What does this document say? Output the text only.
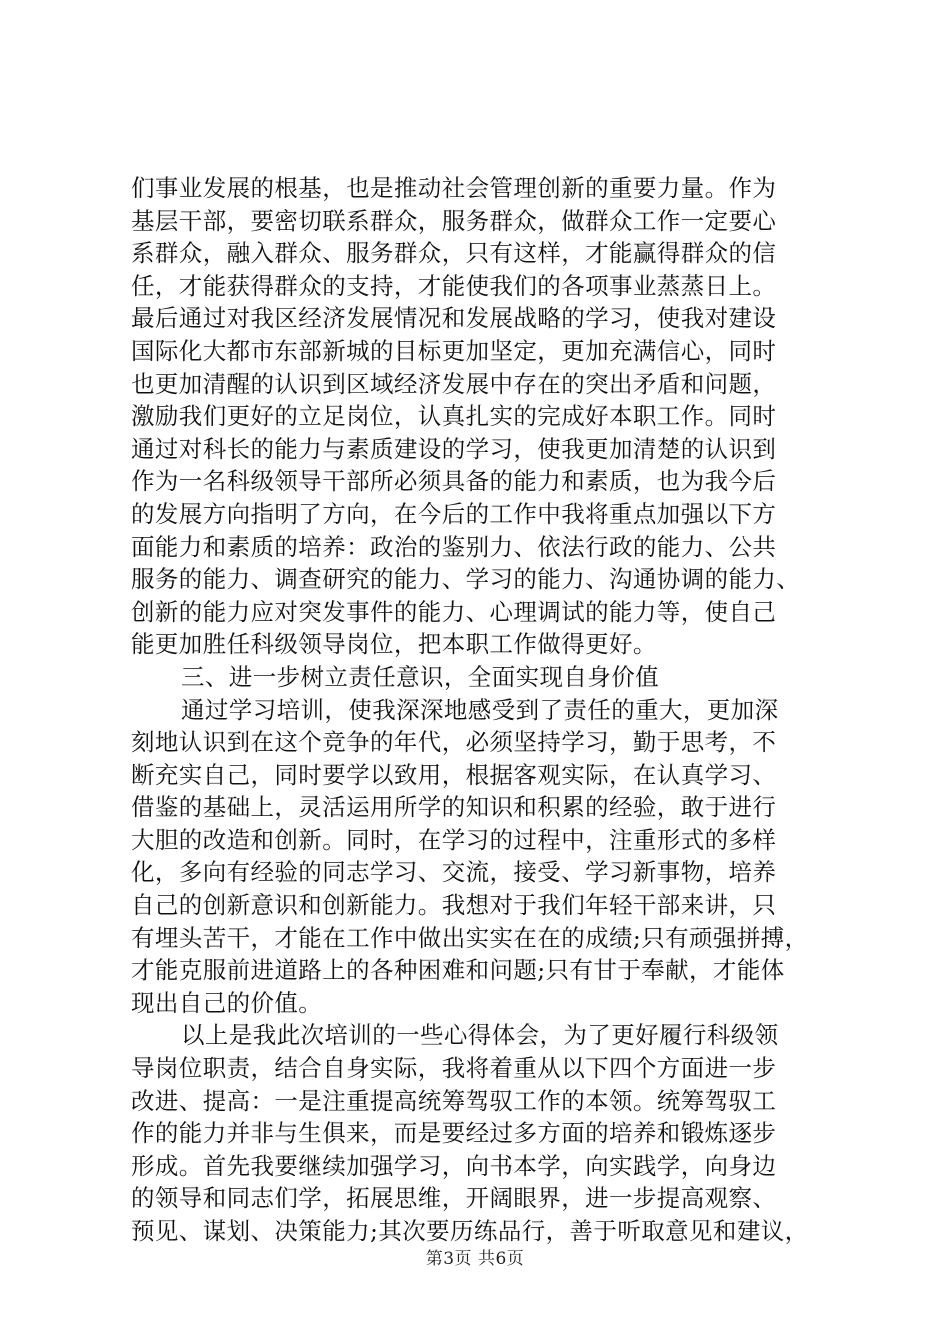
们事业发展的根基，也是推动社会管理创新的重要力量。作为
基层干部，要密切联系群众，服务群众，做群众工作一定要心
系群众，融入群众、服务群众，只有这样，才能赢得群众的信
任，才能获得群众的支持，才能使我们的各项事业蒸蒸日上。
最后通过对我区经济发展情况和发展战略的学习，使我对建设
国际化大都市东部新城的目标更加坚定，更加充满信心，同时
也更加清醒的认识到区域经济发展中存在的突出矛盾和问题，
激励我们更好的立足岗位，认真扎实的完成好本职工作。同时
通过对科长的能力与素质建设的学习，使我更加清楚的认识到
作为一名科级领导干部所必须具备的能力和素质，也为我今后
的发展方向指明了方向，在今后的工作中我将重点加强以下方
面能力和素质的培养：政治的鉴别力、依法行政的能力、公共
服务的能力、调查研究的能力、学习的能力、沟通协调的能力、
创新的能力应对突发事件的能力、心理调试的能力等，使自己
能更加胜任科级领导岗位，把本职工作做得更好。
三、进一步树立责任意识，全面实现自身价值
通过学习培训，使我深深地感受到了责任的重大，更加深
刻地认识到在这个竞争的年代，必须坚持学习，勤于思考，不
断充实自己，同时要学以致用，根据客观实际，在认真学习、
借鉴的基础上，灵活运用所学的知识和积累的经验，敢于进行
大胆的改造和创新。同时，在学习的过程中，注重形式的多样
化，多向有经验的同志学习、交流，接受、学习新事物，培养
自己的创新意识和创新能力。我想对于我们年轻干部来讲，只
有埋头苦干，才能在工作中做出实实在在的成绩;只有顽强拼搏，
才能克服前进道路上的各种困难和问题;只有甘于奉献，才能体
现出自己的价值。
以上是我此次培训的一些心得体会，为了更好履行科级领
导岗位职责，结合自身实际，我将着重从以下四个方面进一步
改进、提高：一是注重提高统筹驾驭工作的本领。统筹驾驭工
作的能力并非与生俱来，而是要经过多方面的培养和锻炼逐步
形成。首先我要继续加强学习，向书本学，向实践学，向身边
的领导和同志们学，拓展思维，开阔眼界，进一步提高观察、
预见、谋划、决策能力;其次要历练品行，善于听取意见和建议，
第3页 共6页
